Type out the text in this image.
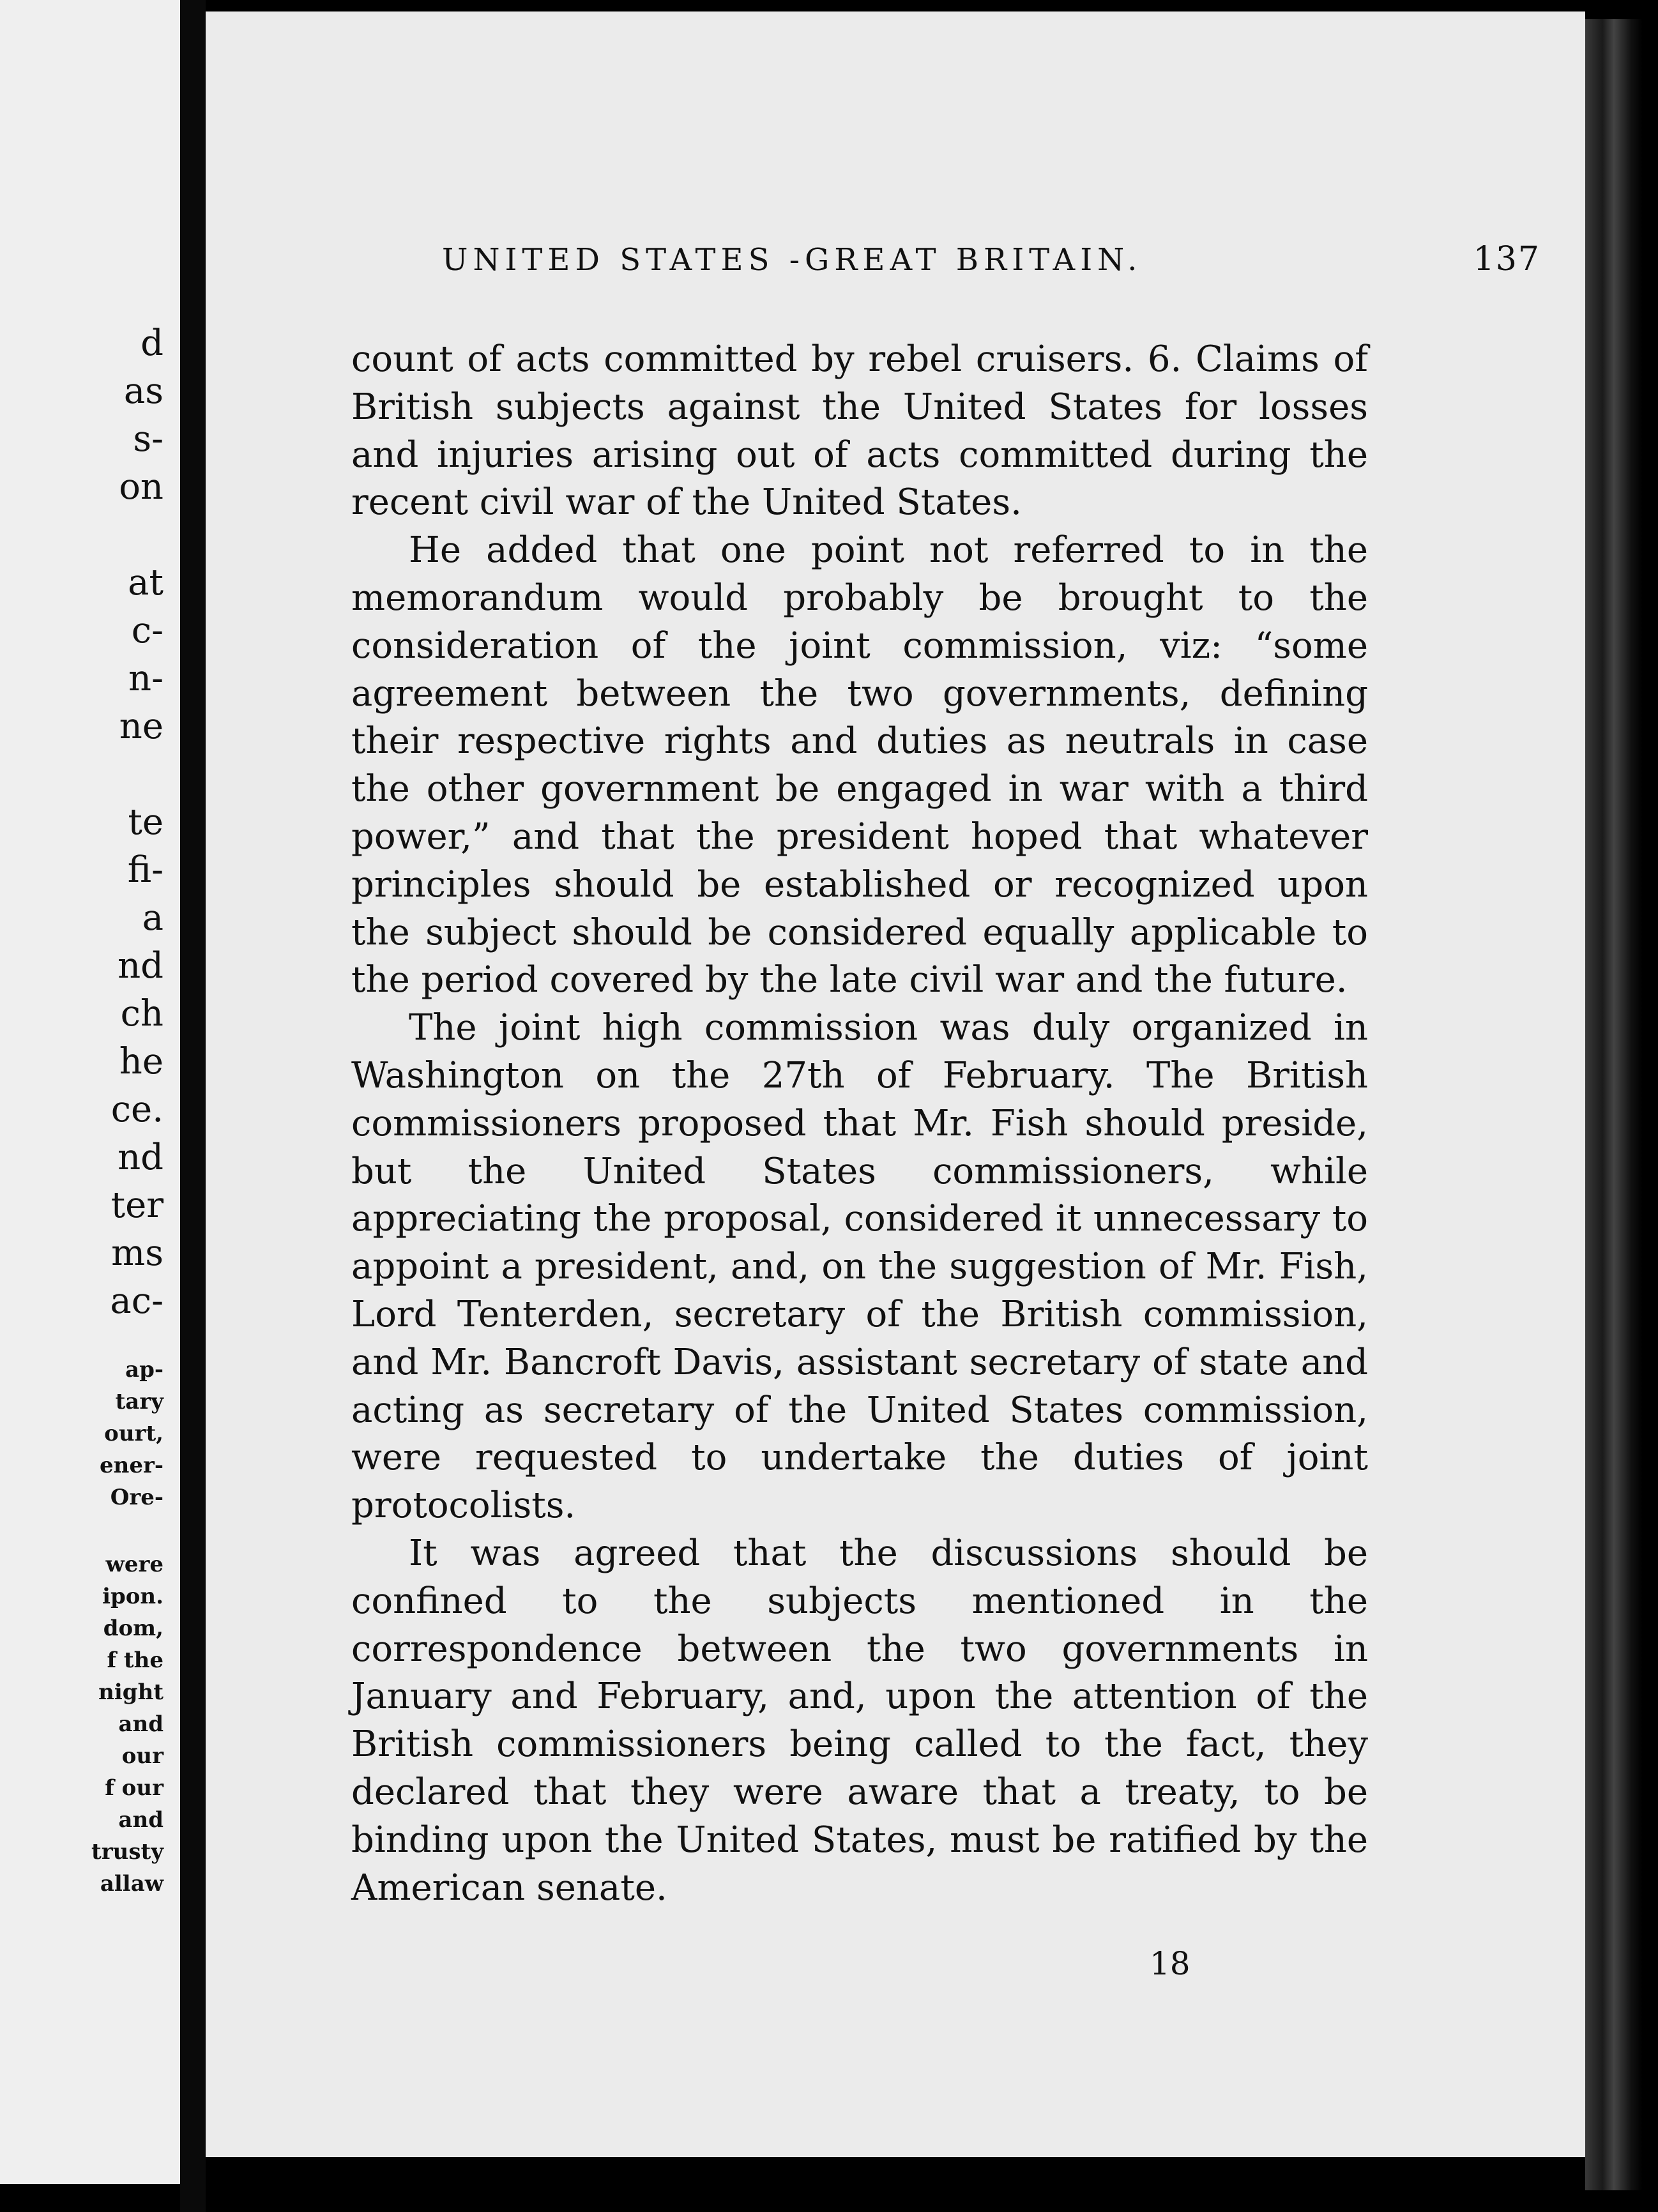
d
as
s-
on
at
c-
n-
ne
te
fi-
a
nd
ch
he
ce.
nd
ter
ms
ac-
ap-
tary
ourt,
ener-
Ore-
were
ipon.
dom,
f the
night
and
our
f our
and
trusty
allaw
UNITED STATES -GREAT BRITAIN.	137

count of acts committed by rebel cruisers. 6. Claims of British subjects against the United States for losses and injuries arising out of acts committed during the recent civil war of the United States.

He added that one point not referred to in the memorandum would probably be brought to the consideration of the joint commission, viz: “some agreement between the two governments, defining their respective rights and duties as neutrals in case the other government be engaged in war with a third power,” and that the president hoped that whatever principles should be established or recognized upon the subject should be considered equally applicable to the period covered by the late civil war and the future.

The joint high commission was duly organized in Washington on the 27th of February. The British commissioners proposed that Mr. Fish should preside, but the United States commissioners, while appreciating the proposal, considered it unnecessary to appoint a president, and, on the suggestion of Mr. Fish, Lord Tenterden, secretary of the British commission, and Mr. Bancroft Davis, assistant secretary of state and acting as secretary of the United States commission, were requested to undertake the duties of joint protocolists.

It was agreed that the discussions should be confined to the subjects mentioned in the correspondence between the two governments in January and February, and, upon the attention of the British commissioners being called to the fact, they declared that they were aware that a treaty, to be binding upon the United States, must be ratified by the American senate.

18
